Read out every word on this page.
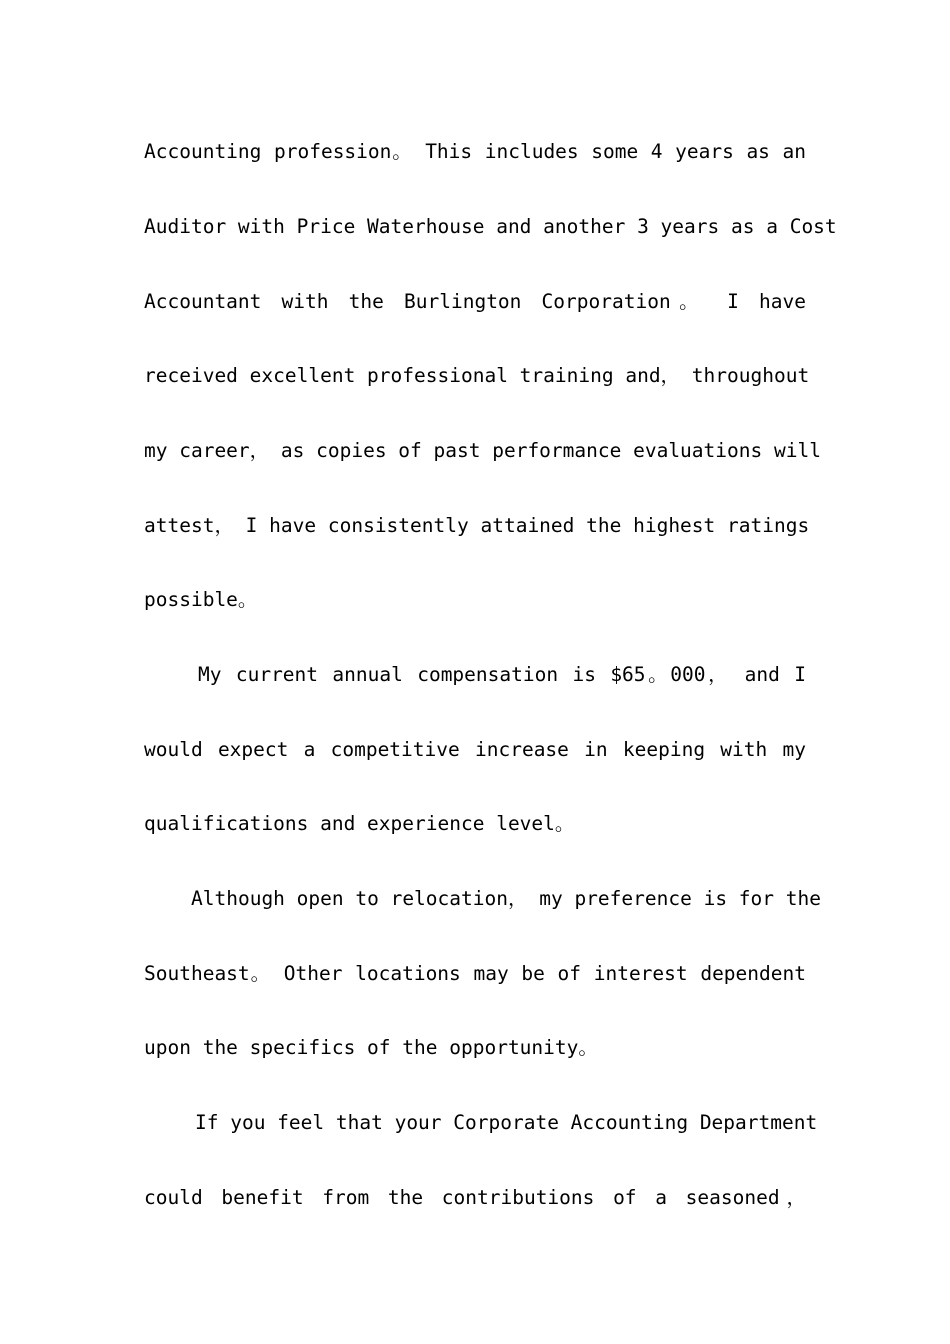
Accounting profession。 This includes some 4 years as an
Auditor with Price Waterhouse and another 3 years as a Cost
Accountant with the Burlington Corporation。 I have
received excellent professional training and， throughout
my career， as copies of past performance evaluations will
attest， I have consistently attained the highest ratings
possible。
My current annual compensation is $65。000， and I
would expect a competitive increase in keeping with my
qualifications and experience level。
Although open to relocation， my preference is for the
Southeast。 Other locations may be of interest dependent
upon the specifics of the opportunity。
If you feel that your Corporate Accounting Department
could benefit from the contributions of a seasoned，
